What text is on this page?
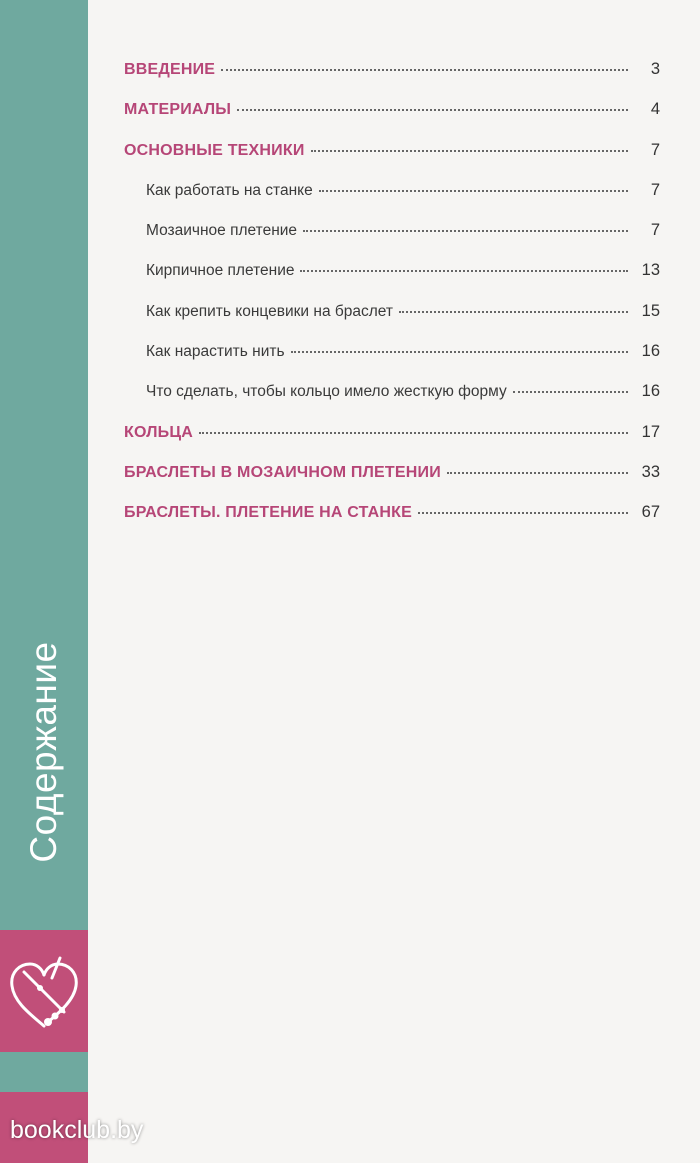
Содержание
bookclub.by
ВВЕДЕНИЕ	3
МАТЕРИАЛЫ	4
ОСНОВНЫЕ ТЕХНИКИ	7
Как работать на станке	7
Мозаичное плетение	7
Кирпичное плетение	13
Как крепить концевики на браслет	15
Как нарастить нить	16
Что сделать, чтобы кольцо имело жесткую форму	16
КОЛЬЦА	17
БРАСЛЕТЫ В МОЗАИЧНОМ ПЛЕТЕНИИ	33
БРАСЛЕТЫ. ПЛЕТЕНИЕ НА СТАНКЕ	67
